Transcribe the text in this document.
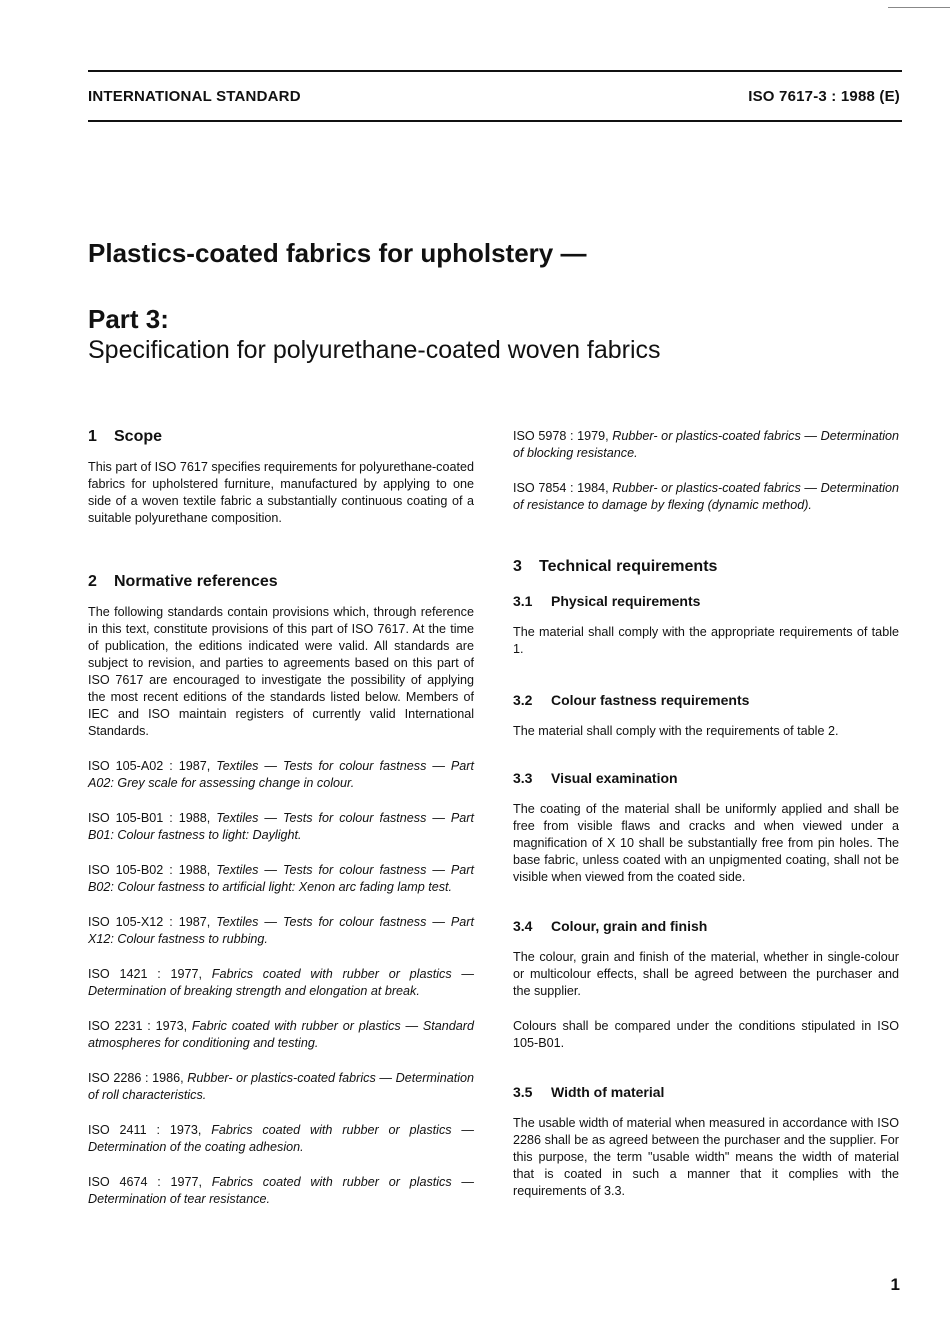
INTERNATIONAL STANDARD	ISO 7617-3 : 1988 (E)
Plastics-coated fabrics for upholstery —
Part 3:
Specification for polyurethane-coated woven fabrics
1 Scope

This part of ISO 7617 specifies requirements for polyurethane-coated fabrics for upholstered furniture, manufactured by applying to one side of a woven textile fabric a substantially continuous coating of a suitable polyurethane composition.

2 Normative references

The following standards contain provisions which, through reference in this text, constitute provisions of this part of ISO 7617. At the time of publication, the editions indicated were valid. All standards are subject to revision, and parties to agreements based on this part of ISO 7617 are encouraged to investigate the possibility of applying the most recent editions of the standards listed below. Members of IEC and ISO maintain registers of currently valid International Standards.

ISO 105-A02 : 1987, Textiles — Tests for colour fastness — Part A02: Grey scale for assessing change in colour.

ISO 105-B01 : 1988, Textiles — Tests for colour fastness — Part B01: Colour fastness to light: Daylight.

ISO 105-B02 : 1988, Textiles — Tests for colour fastness — Part B02: Colour fastness to artificial light: Xenon arc fading lamp test.

ISO 105-X12 : 1987, Textiles — Tests for colour fastness — Part X12: Colour fastness to rubbing.

ISO 1421 : 1977, Fabrics coated with rubber or plastics — Determination of breaking strength and elongation at break.

ISO 2231 : 1973, Fabric coated with rubber or plastics — Standard atmospheres for conditioning and testing.

ISO 2286 : 1986, Rubber- or plastics-coated fabrics — Determination of roll characteristics.

ISO 2411 : 1973, Fabrics coated with rubber or plastics — Determination of the coating adhesion.

ISO 4674 : 1977, Fabrics coated with rubber or plastics — Determination of tear resistance.

ISO 5978 : 1979, Rubber- or plastics-coated fabrics — Determination of blocking resistance.

ISO 7854 : 1984, Rubber- or plastics-coated fabrics — Determination of resistance to damage by flexing (dynamic method).

3 Technical requirements
3.1 Physical requirements

The material shall comply with the appropriate requirements of table 1.

3.2 Colour fastness requirements

The material shall comply with the requirements of table 2.

3.3 Visual examination

The coating of the material shall be uniformly applied and shall be free from visible flaws and cracks and when viewed under a magnification of X 10 shall be substantially free from pin holes. The base fabric, unless coated with an unpigmented coating, shall not be visible when viewed from the coated side.

3.4 Colour, grain and finish

The colour, grain and finish of the material, whether in single-colour or multicolour effects, shall be agreed between the purchaser and the supplier.

Colours shall be compared under the conditions stipulated in ISO 105-B01.

3.5 Width of material

The usable width of material when measured in accordance with ISO 2286 shall be as agreed between the purchaser and the supplier. For this purpose, the term "usable width" means the width of material that is coated in such a manner that it complies with the requirements of 3.3.

1
